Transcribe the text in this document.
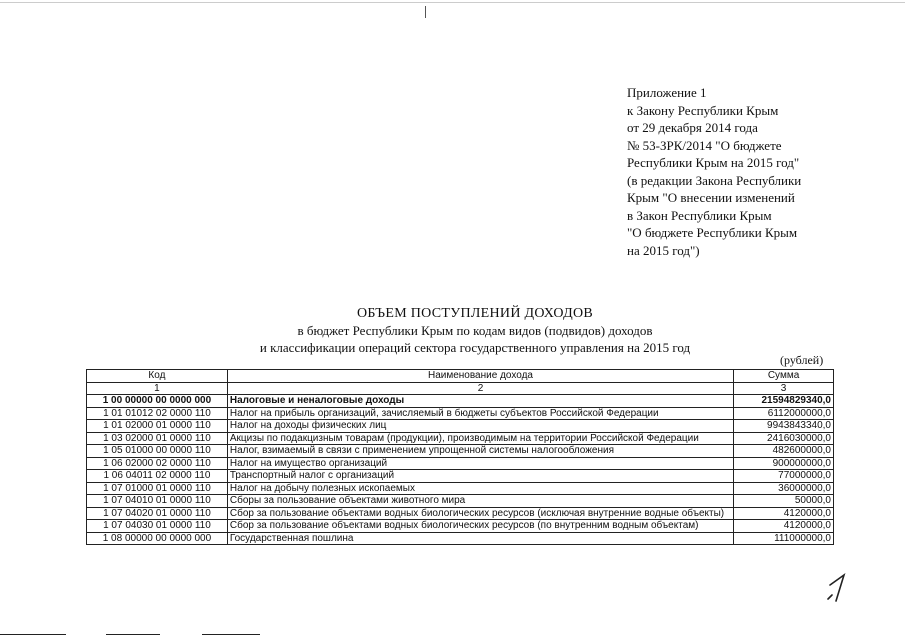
Приложение 1
к Закону Республики Крым
от 29 декабря 2014 года
№ 53-ЗРК/2014 "О бюджете
Республики Крым на 2015 год"
(в редакции Закона Республики
Крым "О внесении изменений
в Закон Республики Крым
"О бюджете Республики Крым
на 2015 год")
ОБЪЕМ ПОСТУПЛЕНИЙ ДОХОДОВ
в бюджет Республики Крым по кодам видов (подвидов) доходов
и классификации операций сектора государственного управления на 2015 год
(рублей)
Код	Наименование дохода	Сумма
1	2	3
1 00 00000 00 0000 000	Налоговые и неналоговые доходы	21594829340,0
1 01 01012 02 0000 110	Налог на прибыль организаций, зачисляемый в бюджеты субъектов Российской Федерации	6112000000,0
1 01 02000 01 0000 110	Налог на доходы физических лиц	9943843340,0
1 03 02000 01 0000 110	Акцизы по подакцизным товарам (продукции), производимым на территории Российской Федерации	2416030000,0
1 05 01000 00 0000 110	Налог, взимаемый в связи с применением упрощенной системы налогообложения	482600000,0
1 06 02000 02 0000 110	Налог на имущество организаций	900000000,0
1 06 04011 02 0000 110	Транспортный налог с организаций	77000000,0
1 07 01000 01 0000 110	Налог на добычу полезных ископаемых	36000000,0
1 07 04010 01 0000 110	Сборы за пользование объектами животного мира	50000,0
1 07 04020 01 0000 110	Сбор за пользование объектами водных биологических ресурсов (исключая внутренние водные объекты)	4120000,0
1 07 04030 01 0000 110	Сбор за пользование объектами водных биологических ресурсов (по внутренним водным объектам)	4120000,0
1 08 00000 00 0000 000	Государственная пошлина	111000000,0
